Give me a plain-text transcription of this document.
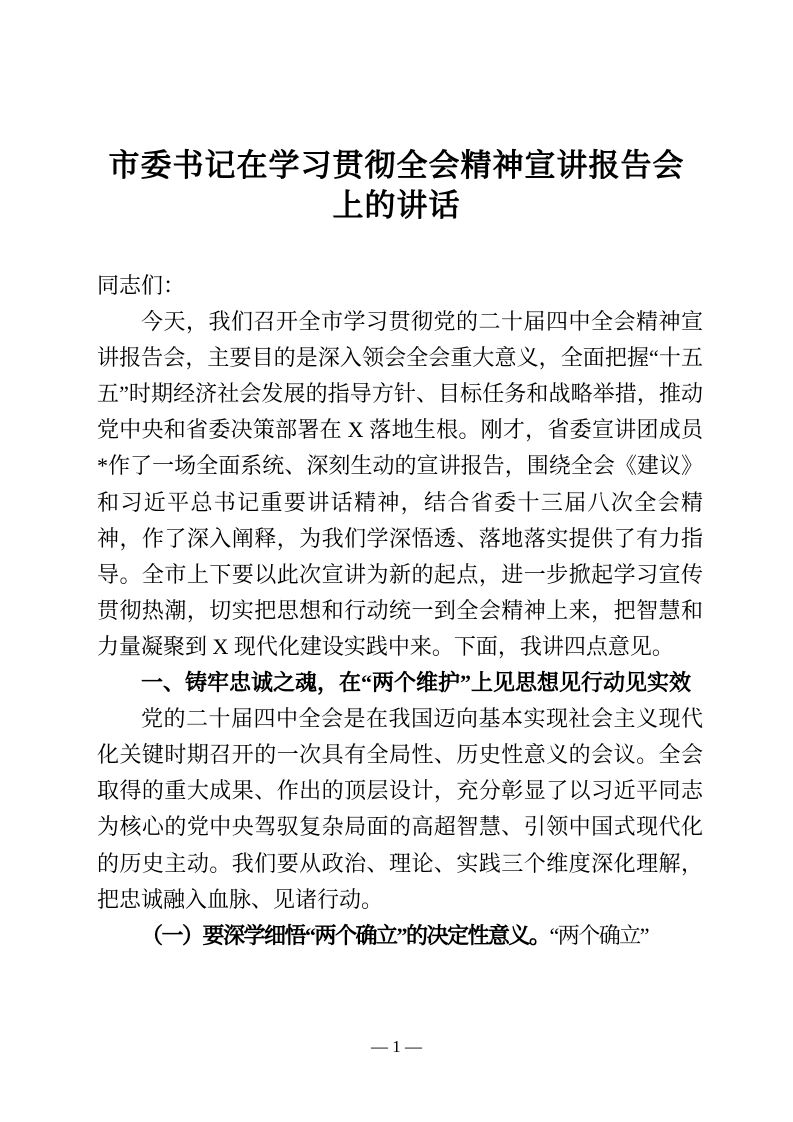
市委书记在学习贯彻全会精神宣讲报告会上的讲话

同志们：

今天，我们召开全市学习贯彻党的二十届四中全会精神宣讲报告会，主要目的是深入领会全会重大意义，全面把握“十五五”时期经济社会发展的指导方针、目标任务和战略举措，推动党中央和省委决策部署在 X 落地生根。刚才，省委宣讲团成员*作了一场全面系统、深刻生动的宣讲报告，围绕全会《建议》和习近平总书记重要讲话精神，结合省委十三届八次全会精神，作了深入阐释，为我们学深悟透、落地落实提供了有力指导。全市上下要以此次宣讲为新的起点，进一步掀起学习宣传贯彻热潮，切实把思想和行动统一到全会精神上来，把智慧和力量凝聚到 X 现代化建设实践中来。下面，我讲四点意见。

一、铸牢忠诚之魂，在“两个维护”上见思想见行动见实效

党的二十届四中全会是在我国迈向基本实现社会主义现代化关键时期召开的一次具有全局性、历史性意义的会议。全会取得的重大成果、作出的顶层设计，充分彰显了以习近平同志为核心的党中央驾驭复杂局面的高超智慧、引领中国式现代化的历史主动。我们要从政治、理论、实践三个维度深化理解，把忠诚融入血脉、见诸行动。

（一）要深学细悟“两个确立”的决定性意义。“两个确立”

— 1 —
